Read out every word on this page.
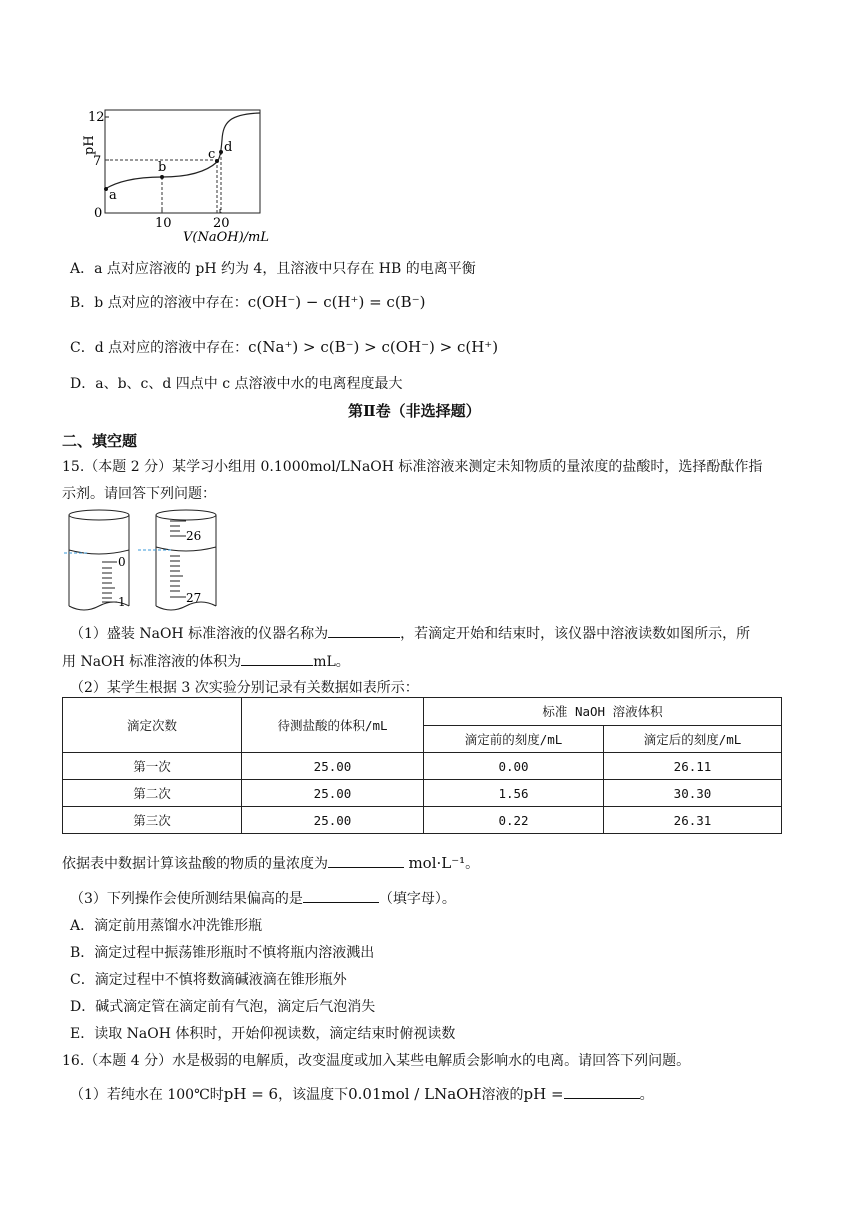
a
b
c d
12
7
0
10	20
pH
V(NaOH)/mL
A．a 点对应溶液的 pH 约为 4，且溶液中只存在 HB 的电离平衡
B．b 点对应的溶液中存在：c(OH⁻) − c(H⁺) = c(B⁻)
C．d 点对应的溶液中存在：c(Na⁺) > c(B⁻) > c(OH⁻) > c(H⁺)
D．a、b、c、d 四点中 c 点溶液中水的电离程度最大
第Ⅱ卷（非选择题）
二、填空题
15.（本题 2 分）某学习小组用 0.1000mol/LNaOH 标准溶液来测定未知物质的量浓度的盐酸时，选择酚酞作指
示剂。请回答下列问题：
0
1
26
27
（1）盛装 NaOH 标准溶液的仪器名称为	，若滴定开始和结束时，该仪器中溶液读数如图所示，所
用 NaOH 标准溶液的体积为	mL。
（2）某学生根据 3 次实验分别记录有关数据如表所示：
滴定次数	待测盐酸的体积/mL	标准 NaOH 溶液体积	
		滴定前的刻度/mL	滴定后的刻度/mL
第一次	25.00	0.00	26.11
第二次	25.00	1.56	30.30
第三次	25.00	0.22	26.31
依据表中数据计算该盐酸的物质的量浓度为	mol·L⁻¹。
（3）下列操作会使所测结果偏高的是	（填字母）。
A．滴定前用蒸馏水冲洗锥形瓶
B．滴定过程中振荡锥形瓶时不慎将瓶内溶液溅出
C．滴定过程中不慎将数滴碱液滴在锥形瓶外
D．碱式滴定管在滴定前有气泡，滴定后气泡消失
E．读取 NaOH 体积时，开始仰视读数，滴定结束时俯视读数
16.（本题 4 分）水是极弱的电解质，改变温度或加入某些电解质会影响水的电离。请回答下列问题。
（1）若纯水在 100℃时pH = 6，该温度下0.01mol / LNaOH溶液的pH =	。
